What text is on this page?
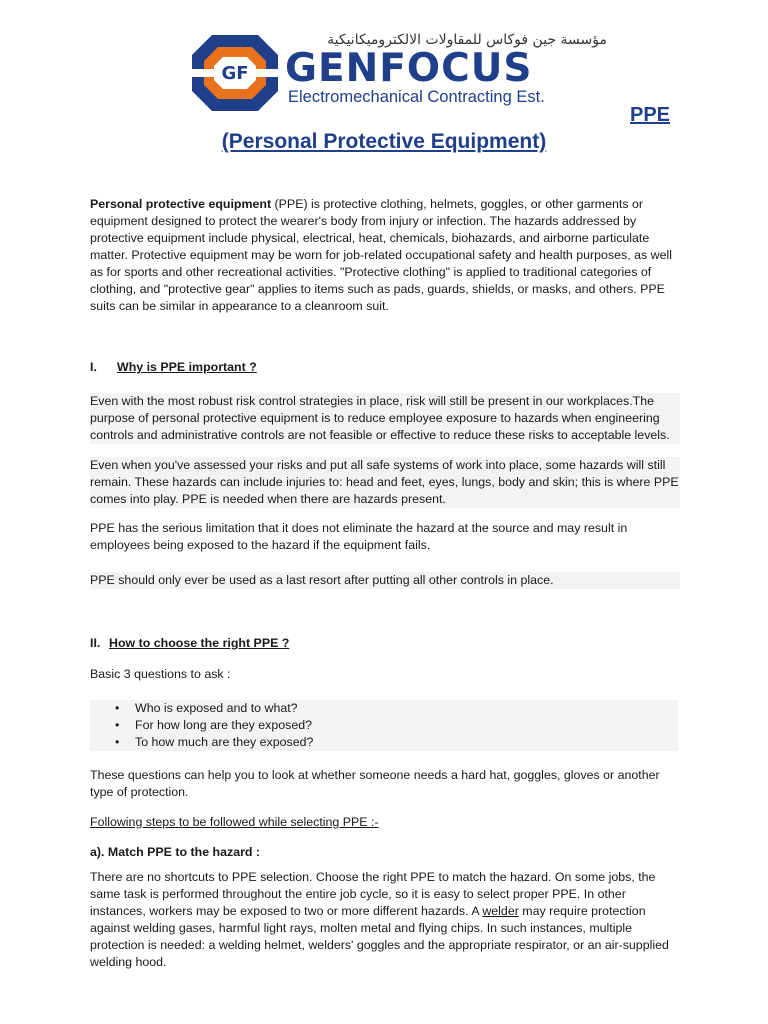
GF
مؤسسة جين فوكاس للمقاولات الالكتروميكانيكية
GENFOCUS
Electromechanical Contracting Est.
PPE
(Personal Protective Equipment)
Personal protective equipment (PPE) is protective clothing, helmets, goggles, or other garments or equipment designed to protect the wearer's body from injury or infection. The hazards addressed by protective equipment include physical, electrical, heat, chemicals, biohazards, and airborne particulate matter. Protective equipment may be worn for job-related occupational safety and health purposes, as well as for sports and other recreational activities. "Protective clothing" is applied to traditional categories of clothing, and "protective gear" applies to items such as pads, guards, shields, or masks, and others. PPE suits can be similar in appearance to a cleanroom suit.
I. Why is PPE important ?
Even with the most robust risk control strategies in place, risk will still be present in our workplaces.The purpose of personal protective equipment is to reduce employee exposure to hazards when engineering controls and administrative controls are not feasible or effective to reduce these risks to acceptable levels.
Even when you've assessed your risks and put all safe systems of work into place, some hazards will still remain. These hazards can include injuries to: head and feet, eyes, lungs, body and skin; this is where PPE comes into play. PPE is needed when there are hazards present.
PPE has the serious limitation that it does not eliminate the hazard at the source and may result in employees being exposed to the hazard if the equipment fails.
PPE should only ever be used as a last resort after putting all other controls in place.
II. How to choose the right PPE ?
Basic 3 questions to ask :
• Who is exposed and to what?
• For how long are they exposed?
• To how much are they exposed?
These questions can help you to look at whether someone needs a hard hat, goggles, gloves or another type of protection.
Following steps to be followed while selecting PPE :-
a). Match PPE to the hazard :
There are no shortcuts to PPE selection. Choose the right PPE to match the hazard. On some jobs, the same task is performed throughout the entire job cycle, so it is easy to select proper PPE. In other instances, workers may be exposed to two or more different hazards. A welder may require protection against welding gases, harmful light rays, molten metal and flying chips. In such instances, multiple protection is needed: a welding helmet, welders' goggles and the appropriate respirator, or an air-supplied welding hood.
